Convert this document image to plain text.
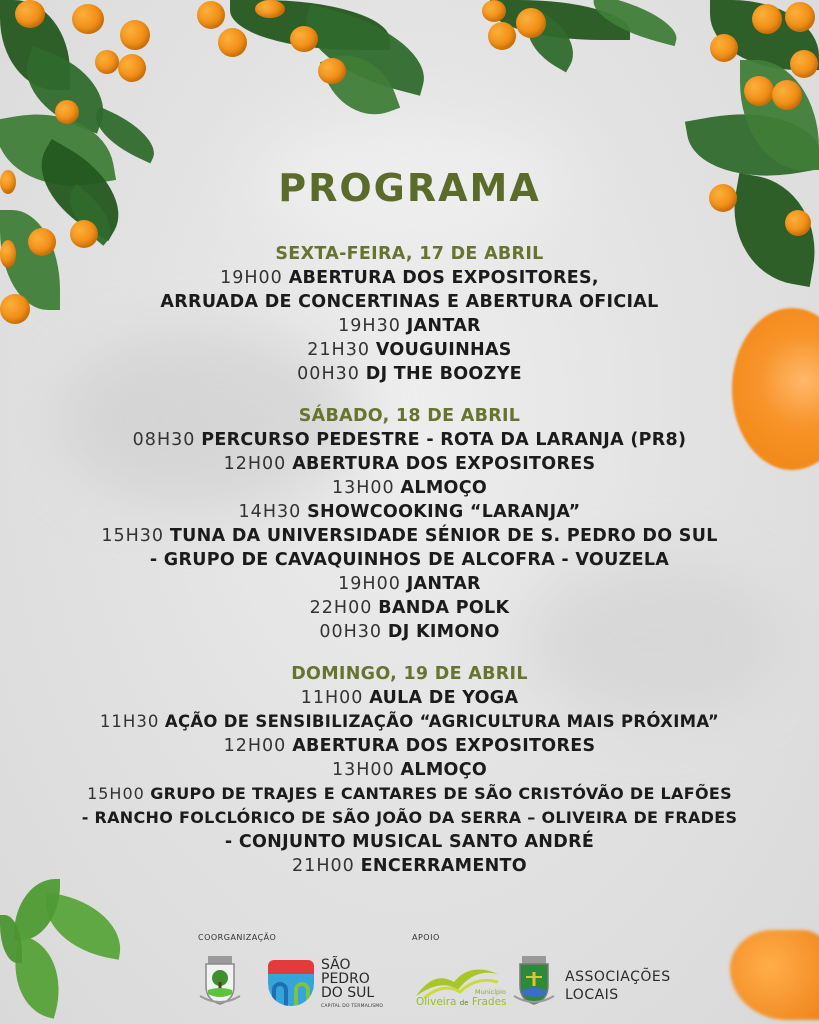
PROGRAMA
SEXTA-FEIRA, 17 DE ABRIL
19H00 ABERTURA DOS EXPOSITORES,
ARRUADA DE CONCERTINAS E ABERTURA OFICIAL
19H30 JANTAR
21H30 VOUGUINHAS
00H30 DJ THE BOOZYE
SÁBADO, 18 DE ABRIL
08H30 PERCURSO PEDESTRE - ROTA DA LARANJA (PR8)
12H00 ABERTURA DOS EXPOSITORES
13H00 ALMOÇO
14H30 SHOWCOOKING “LARANJA”
15H30 TUNA DA UNIVERSIDADE SÉNIOR DE S. PEDRO DO SUL
- GRUPO DE CAVAQUINHOS DE ALCOFRA - VOUZELA
19H00 JANTAR
22H00 BANDA POLK
00H30 DJ KIMONO
DOMINGO, 19 DE ABRIL
11H00 AULA DE YOGA
11H30 AÇÃO DE SENSIBILIZAÇÃO “AGRICULTURA MAIS PRÓXIMA”
12H00 ABERTURA DOS EXPOSITORES
13H00 ALMOÇO
15H00 GRUPO DE TRAJES E CANTARES DE SÃO CRISTÓVÃO DE LAFÕES
- RANCHO FOLCLÓRICO DE SÃO JOÃO DA SERRA – OLIVEIRA DE FRADES
- CONJUNTO MUSICAL SANTO ANDRÉ
21H00 ENCERRAMENTO
COORGANIZAÇÃO	APOIO
SÃO
PEDRO
DO SUL
CAPITAL DO TERMALISMO
Município
Oliveira de Frades
ASSOCIAÇÕES
LOCAIS
